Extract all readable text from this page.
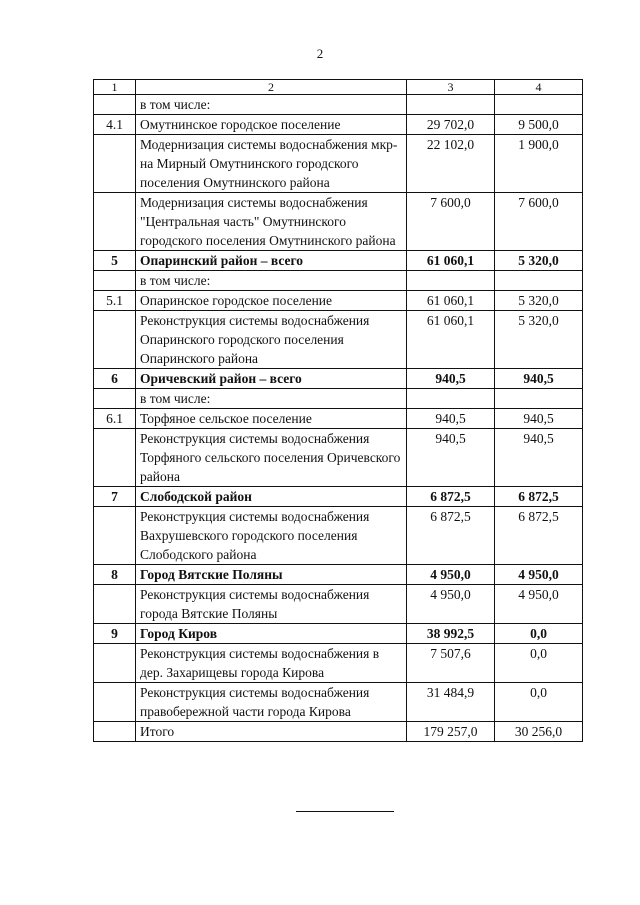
2
1	2	3	4
	в том числе:		
4.1	Омутнинское городское поселение	29 702,0	9 500,0
	Модернизация системы водоснабжения мкр-на Мирный Омутнинского городского поселения Омутнинского района	22 102,0	1 900,0
	Модернизация системы водоснабжения "Центральная часть" Омутнинского городского поселения Омутнинского района	7 600,0	7 600,0
5	Опаринский район – всего	61 060,1	5 320,0
	в том числе:		
5.1	Опаринское городское поселение	61 060,1	5 320,0
	Реконструкция системы водоснабжения Опаринского городского поселения Опаринского района	61 060,1	5 320,0
6	Оричевский район – всего	940,5	940,5
	в том числе:		
6.1	Торфяное сельское поселение	940,5	940,5
	Реконструкция системы водоснабжения Торфяного сельского поселения Оричевского района	940,5	940,5
7	Слободской район	6 872,5	6 872,5
	Реконструкция системы водоснабжения Вахрушевского городского поселения Слободского района	6 872,5	6 872,5
8	Город Вятские Поляны	4 950,0	4 950,0
	Реконструкция системы водоснабжения города Вятские Поляны	4 950,0	4 950,0
9	Город Киров	38 992,5	0,0
	Реконструкция системы водоснабжения в дер. Захарищевы города Кирова	7 507,6	0,0
	Реконструкция системы водоснабжения правобережной части города Кирова	31 484,9	0,0
	Итого	179 257,0	30 256,0
